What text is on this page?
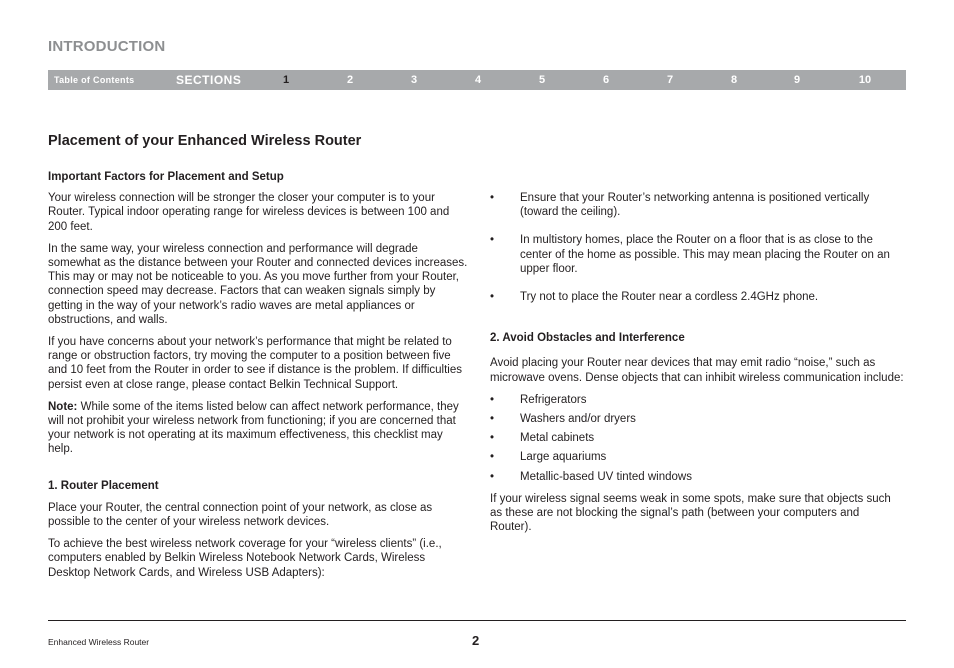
INTRODUCTION
Table of Contents	SECTIONS	1	2	3	4	5	6	7	8	9	10
Placement of your Enhanced Wireless Router

Important Factors for Placement and Setup

Your wireless connection will be stronger the closer your computer is to your Router. Typical indoor operating range for wireless devices is between 100 and 200 feet.

In the same way, your wireless connection and performance will degrade somewhat as the distance between your Router and connected devices increases. This may or may not be noticeable to you. As you move further from your Router, connection speed may decrease. Factors that can weaken signals simply by getting in the way of your network’s radio waves are metal appliances or obstructions, and walls.

If you have concerns about your network’s performance that might be related to range or obstruction factors, try moving the computer to a position between five and 10 feet from the Router in order to see if distance is the problem. If difficulties persist even at close range, please contact Belkin Technical Support.

Note: While some of the items listed below can affect network performance, they will not prohibit your wireless network from functioning; if you are concerned that your network is not operating at its maximum effectiveness, this checklist may help.

1. Router Placement

Place your Router, the central connection point of your network, as close as possible to the center of your wireless network devices.

To achieve the best wireless network coverage for your “wireless clients” (i.e., computers enabled by Belkin Wireless Notebook Network Cards, Wireless Desktop Network Cards, and Wireless USB Adapters):

• Ensure that your Router’s networking antenna is positioned vertically (toward the ceiling).
• In multistory homes, place the Router on a floor that is as close to the center of the home as possible. This may mean placing the Router on an upper floor.
• Try not to place the Router near a cordless 2.4GHz phone.

2. Avoid Obstacles and Interference

Avoid placing your Router near devices that may emit radio “noise,” such as microwave ovens. Dense objects that can inhibit wireless communication include:

• Refrigerators
• Washers and/or dryers
• Metal cabinets
• Large aquariums
• Metallic-based UV tinted windows

If your wireless signal seems weak in some spots, make sure that objects such as these are not blocking the signal’s path (between your computers and Router).

Enhanced Wireless Router	2
